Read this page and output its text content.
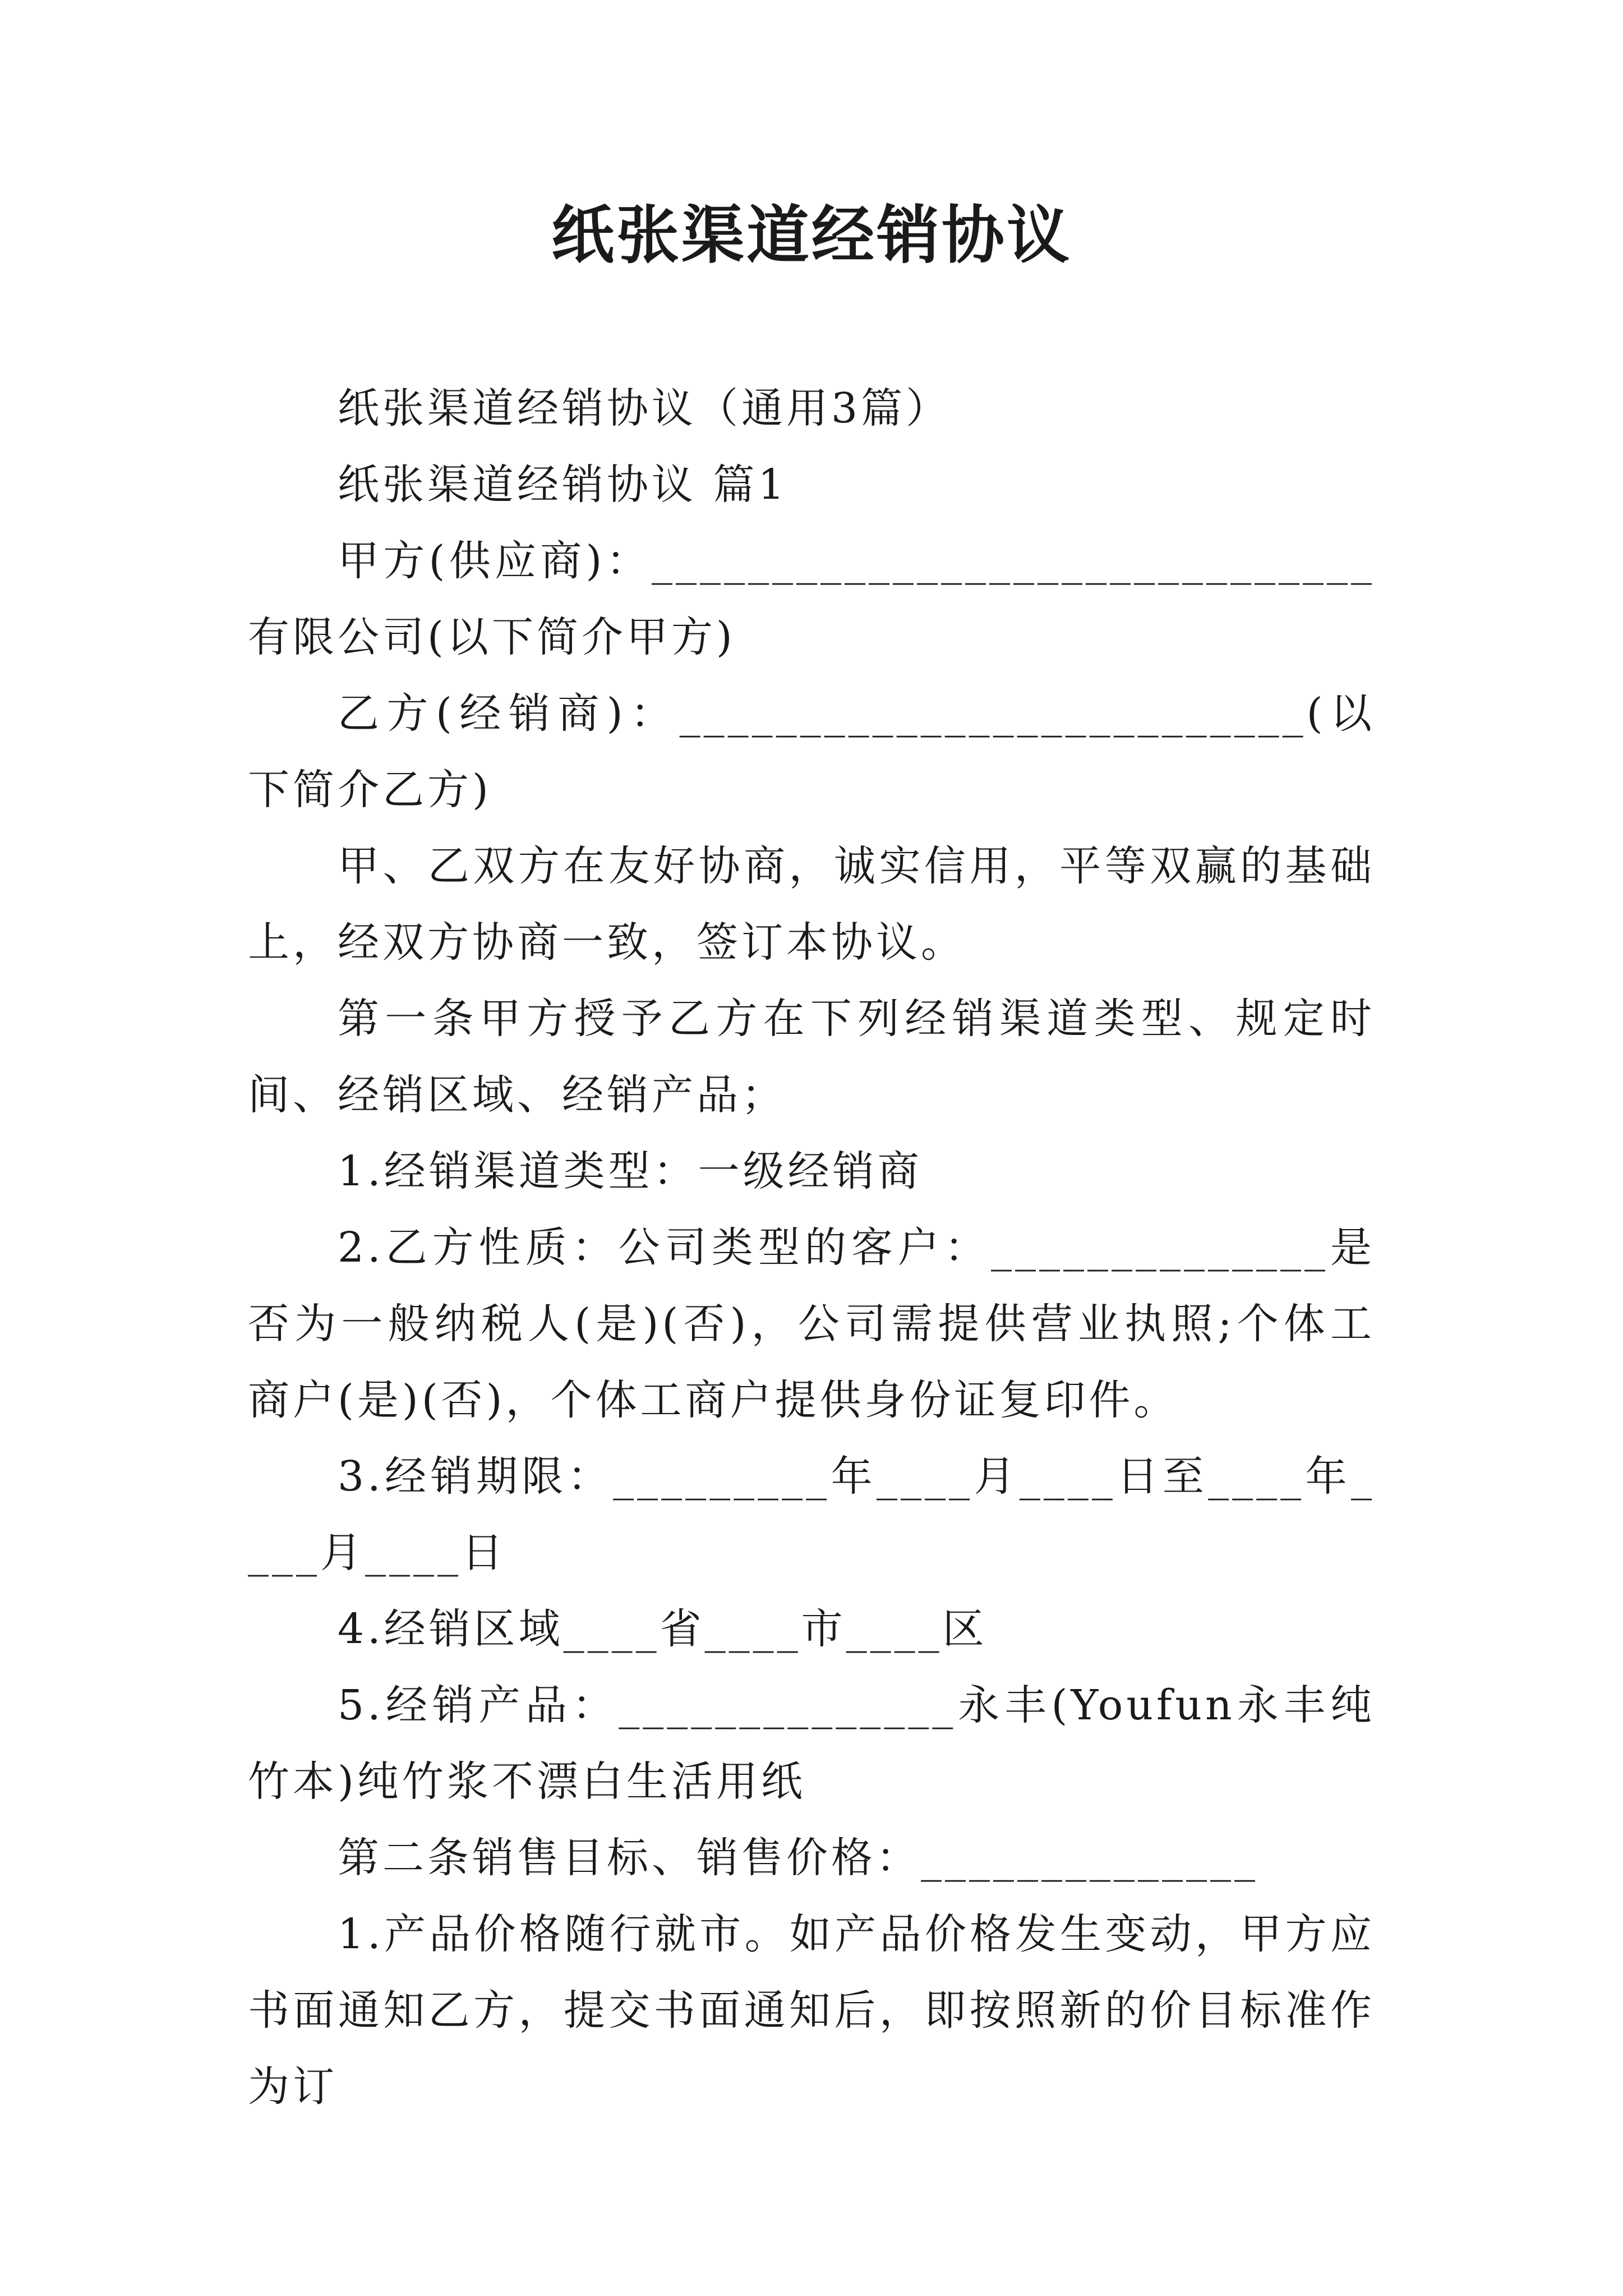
纸张渠道经销协议

纸张渠道经销协议（通用3篇）

纸张渠道经销协议 篇1

甲方(供应商)：______________________________有限公司(以下简介甲方)

乙方(经销商)：__________________________(以下简介乙方)

甲、乙双方在友好协商，诚实信用，平等双赢的基础上，经双方协商一致，签订本协议。

第一条甲方授予乙方在下列经销渠道类型、规定时间、经销区域、经销产品；

1.经销渠道类型：一级经销商

2.乙方性质：公司类型的客户：______________是否为一般纳税人(是)(否)，公司需提供营业执照;个体工商户(是)(否)，个体工商户提供身份证复印件。

3.经销期限：_________年____月____日至____年____月____日

4.经销区域____省____市____区

5.经销产品：______________永丰(Youfun永丰纯竹本)纯竹浆不漂白生活用纸

第二条销售目标、销售价格：______________

1.产品价格随行就市。如产品价格发生变动，甲方应书面通知乙方，提交书面通知后，即按照新的价目标准作为订
